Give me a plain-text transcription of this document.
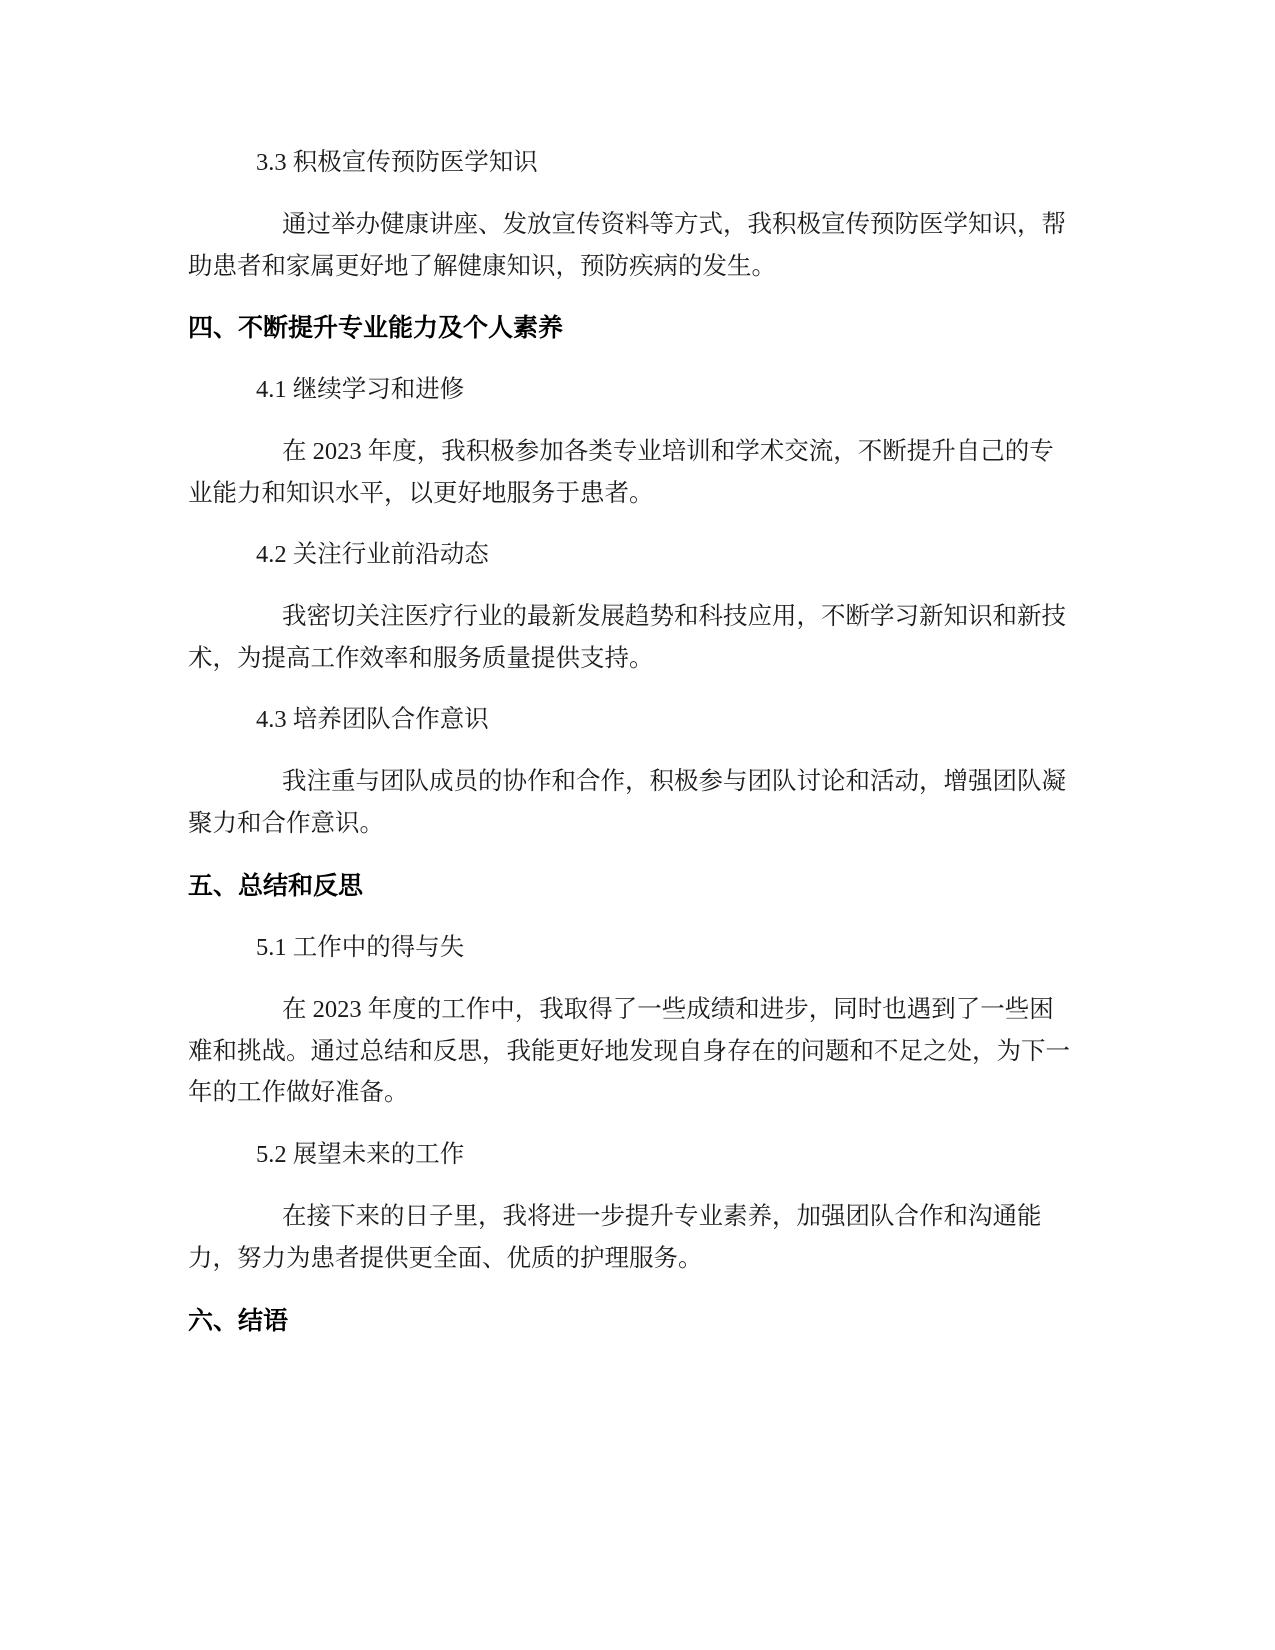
3.3 积极宣传预防医学知识
通过举办健康讲座、发放宣传资料等方式，我积极宣传预防医学知识，帮
助患者和家属更好地了解健康知识，预防疾病的发生。
四、不断提升专业能力及个人素养
4.1 继续学习和进修
在 2023 年度，我积极参加各类专业培训和学术交流，不断提升自己的专
业能力和知识水平，以更好地服务于患者。
4.2 关注行业前沿动态
我密切关注医疗行业的最新发展趋势和科技应用，不断学习新知识和新技
术，为提高工作效率和服务质量提供支持。
4.3 培养团队合作意识
我注重与团队成员的协作和合作，积极参与团队讨论和活动，增强团队凝
聚力和合作意识。
五、总结和反思
5.1 工作中的得与失
在 2023 年度的工作中，我取得了一些成绩和进步，同时也遇到了一些困
难和挑战。通过总结和反思，我能更好地发现自身存在的问题和不足之处，为下一
年的工作做好准备。
5.2 展望未来的工作
在接下来的日子里，我将进一步提升专业素养，加强团队合作和沟通能
力，努力为患者提供更全面、优质的护理服务。
六、结语
